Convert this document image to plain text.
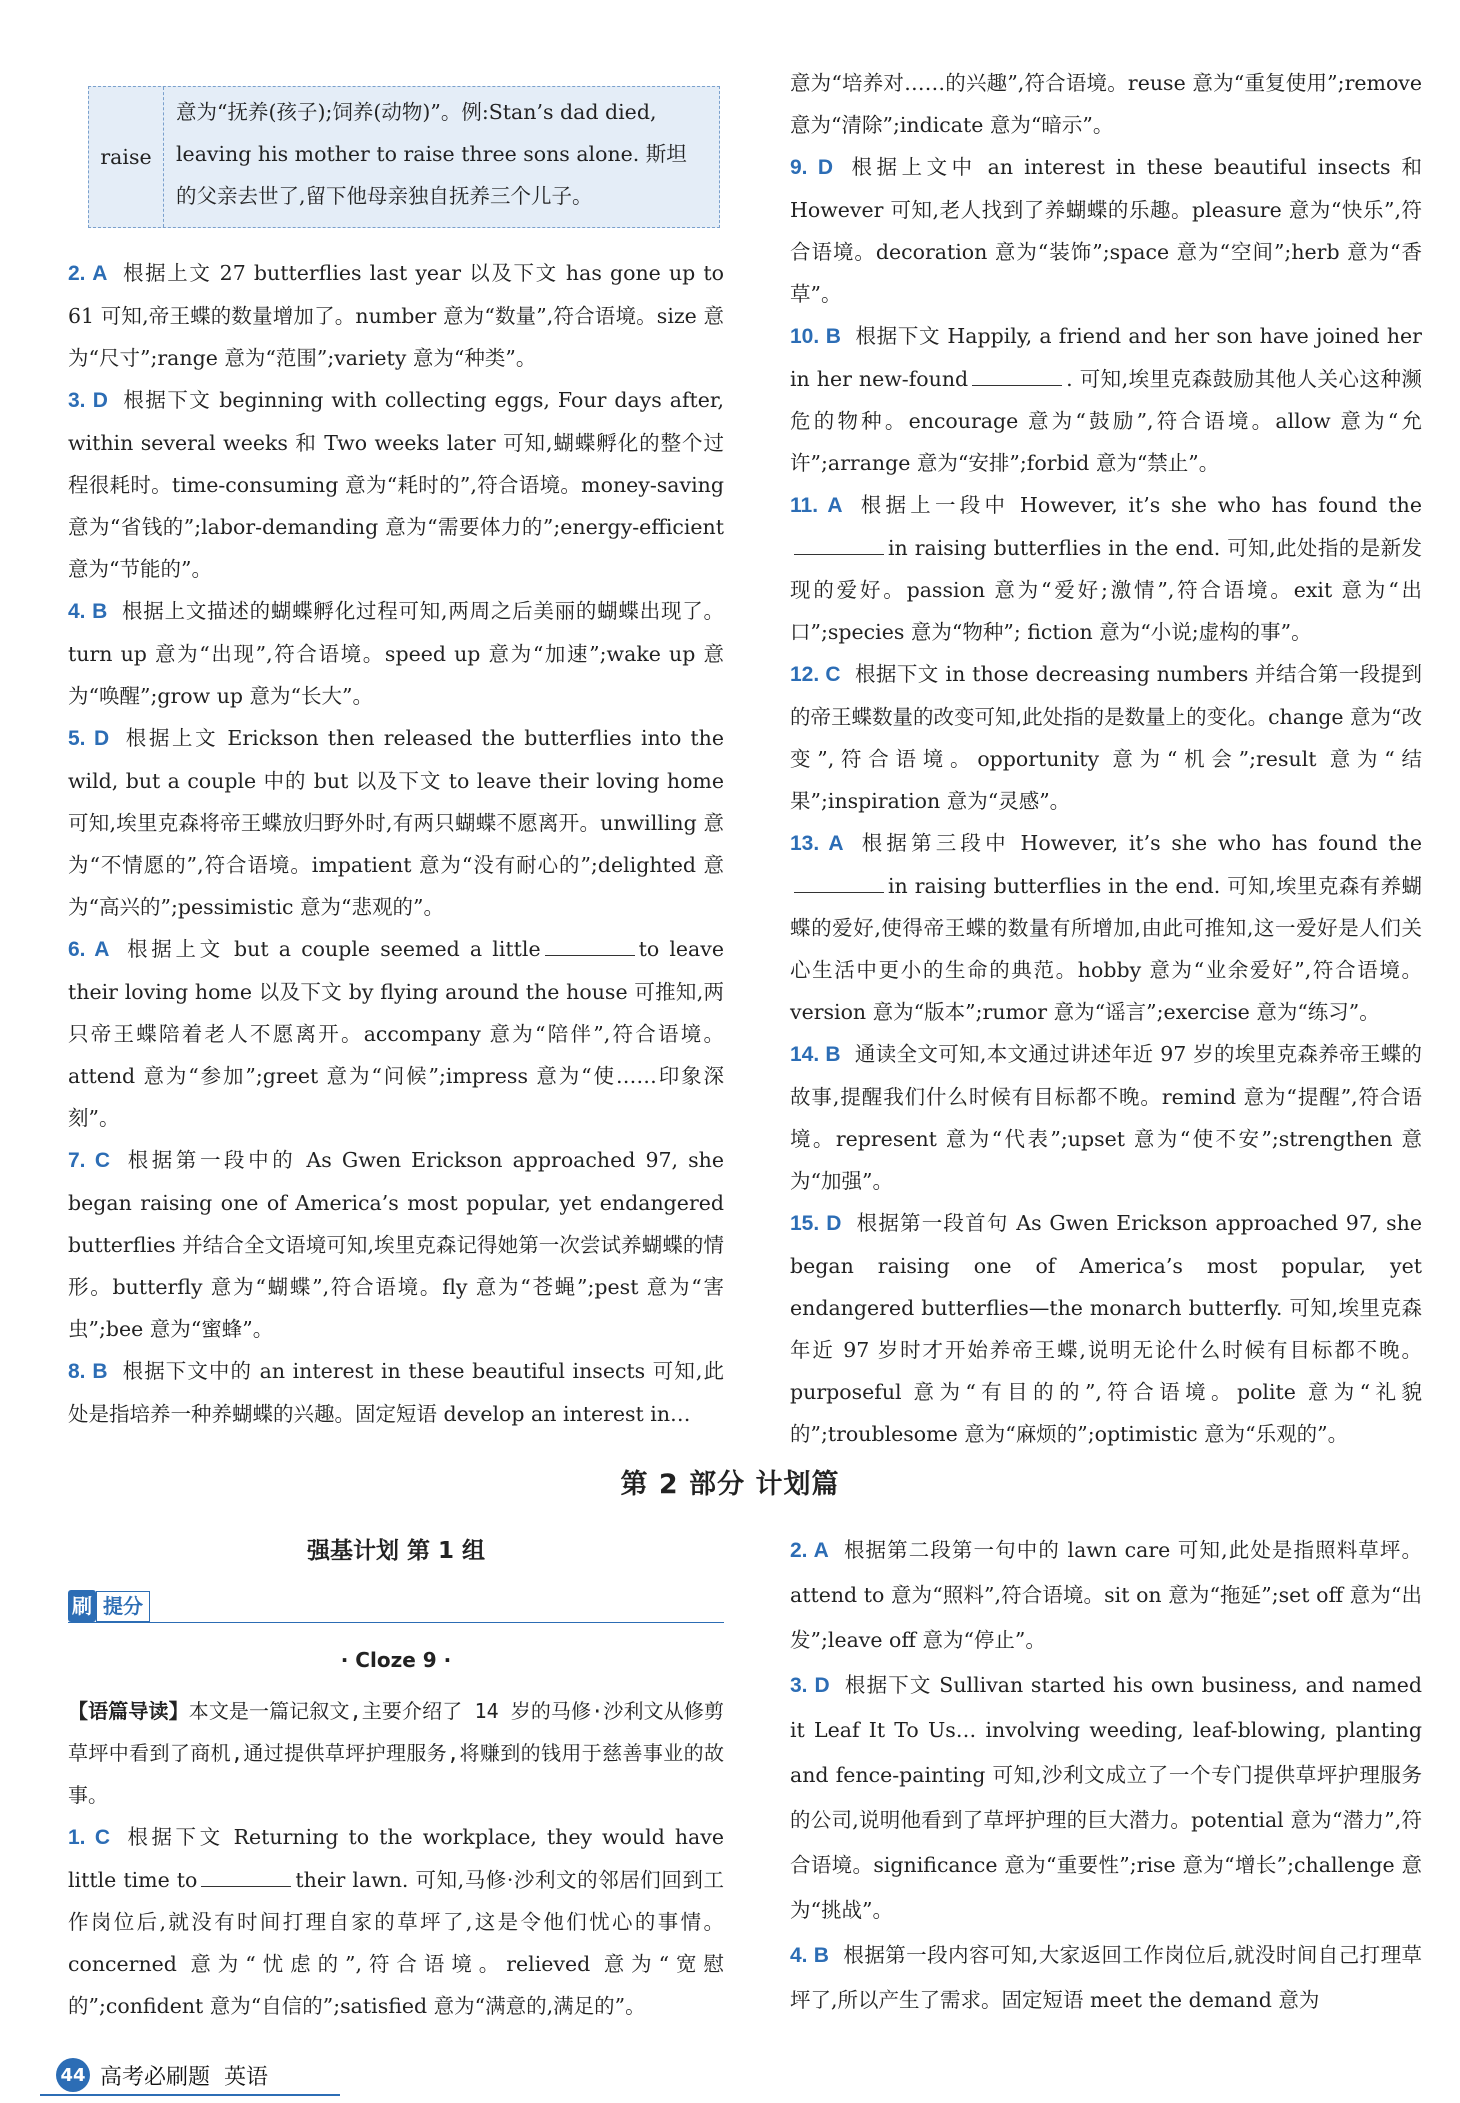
raise
意为“抚养(孩子);饲养(动物)”。例:Stan’s dad died, leaving his mother to raise three sons alone. 斯坦的父亲去世了,留下他母亲独自抚养三个儿子。

2. A 根据上文 27 butterflies last year 以及下文 has gone up to 61 可知,帝王蝶的数量增加了。number 意为“数量”,符合语境。size 意为“尺寸”;range 意为“范围”;variety 意为“种类”。

3. D 根据下文 beginning with collecting eggs, Four days after, within several weeks 和 Two weeks later 可知,蝴蝶孵化的整个过程很耗时。time-consuming 意为“耗时的”,符合语境。money-saving 意为“省钱的”;labor-demanding 意为“需要体力的”;energy-efficient 意为“节能的”。

4. B 根据上文描述的蝴蝶孵化过程可知,两周之后美丽的蝴蝶出现了。turn up 意为“出现”,符合语境。speed up 意为“加速”;wake up 意为“唤醒”;grow up 意为“长大”。

5. D 根据上文 Erickson then released the butterflies into the wild, but a couple 中的 but 以及下文 to leave their loving home 可知,埃里克森将帝王蝶放归野外时,有两只蝴蝶不愿离开。unwilling 意为“不情愿的”,符合语境。impatient 意为“没有耐心的”;delighted 意为“高兴的”;pessimistic 意为“悲观的”。

6. A 根据上文 but a couple seemed a little	to leave their loving home 以及下文 by flying around the house 可推知,两只帝王蝶陪着老人不愿离开。accompany 意为“陪伴”,符合语境。attend 意为“参加”;greet 意为“问候”;impress 意为“使……印象深刻”。

7. C 根据第一段中的 As Gwen Erickson approached 97, she began raising one of America’s most popular, yet endangered butterflies 并结合全文语境可知,埃里克森记得她第一次尝试养蝴蝶的情形。butterfly 意为“蝴蝶”,符合语境。fly 意为“苍蝇”;pest 意为“害虫”;bee 意为“蜜蜂”。

8. B 根据下文中的 an interest in these beautiful insects 可知,此处是指培养一种养蝴蝶的兴趣。固定短语 develop an interest in…

意为“培养对……的兴趣”,符合语境。reuse 意为“重复使用”;remove 意为“清除”;indicate 意为“暗示”。

9. D 根据上文中 an interest in these beautiful insects 和 However 可知,老人找到了养蝴蝶的乐趣。pleasure 意为“快乐”,符合语境。decoration 意为“装饰”;space 意为“空间”;herb 意为“香草”。

10. B 根据下文 Happily, a friend and her son have joined her in her new-found	. 可知,埃里克森鼓励其他人关心这种濒危的物种。encourage 意为“鼓励”,符合语境。allow 意为“允许”;arrange 意为“安排”;forbid 意为“禁止”。

11. A 根据上一段中 However, it’s she who has found thein raising butterflies in the end. 可知,此处指的是新发现的爱好。passion 意为“爱好;激情”,符合语境。exit 意为“出口”;species 意为“物种”; fiction 意为“小说;虚构的事”。

12. C 根据下文 in those decreasing numbers 并结合第一段提到的帝王蝶数量的改变可知,此处指的是数量上的变化。change 意为“改变”,符合语境。opportunity 意为“机会”;result 意为“结果”;inspiration 意为“灵感”。

13. A 根据第三段中 However, it’s she who has found thein raising butterflies in the end. 可知,埃里克森有养蝴蝶的爱好,使得帝王蝶的数量有所增加,由此可推知,这一爱好是人们关心生活中更小的生命的典范。hobby 意为“业余爱好”,符合语境。version 意为“版本”;rumor 意为“谣言”;exercise 意为“练习”。

14. B 通读全文可知,本文通过讲述年近 97 岁的埃里克森养帝王蝶的故事,提醒我们什么时候有目标都不晚。remind 意为“提醒”,符合语境。represent 意为“代表”;upset 意为“使不安”;strengthen 意为“加强”。

15. D 根据第一段首句 As Gwen Erickson approached 97, she began raising one of America’s most popular, yet endangered butterflies—the monarch butterfly. 可知,埃里克森年近 97 岁时才开始养帝王蝶,说明无论什么时候有目标都不晚。purposeful 意为“有目的的”,符合语境。polite 意为“礼貌的”;troublesome 意为“麻烦的”;optimistic 意为“乐观的”。

第 2 部分 计划篇
强基计划 第 1 组
刷 提分
· Cloze 9 ·

【语篇导读】本文是一篇记叙文,主要介绍了 14 岁的马修·沙利文从修剪草坪中看到了商机,通过提供草坪护理服务,将赚到的钱用于慈善事业的故事。

1. C 根据下文 Returning to the workplace, they would have little time to	their lawn. 可知,马修·沙利文的邻居们回到工作岗位后,就没有时间打理自家的草坪了,这是令他们忧心的事情。concerned 意为“忧虑的”,符合语境。relieved 意为“宽慰的”;confident 意为“自信的”;satisfied 意为“满意的,满足的”。

2. A 根据第二段第一句中的 lawn care 可知,此处是指照料草坪。attend to 意为“照料”,符合语境。sit on 意为“拖延”;set off 意为“出发”;leave off 意为“停止”。

3. D 根据下文 Sullivan started his own business, and named it Leaf It To Us… involving weeding, leaf-blowing, planting and fence-painting 可知,沙利文成立了一个专门提供草坪护理服务的公司,说明他看到了草坪护理的巨大潜力。potential 意为“潜力”,符合语境。significance 意为“重要性”;rise 意为“增长”;challenge 意为“挑战”。

4. B 根据第一段内容可知,大家返回工作岗位后,就没时间自己打理草坪了,所以产生了需求。固定短语 meet the demand 意为

44 高考必刷题 英语
